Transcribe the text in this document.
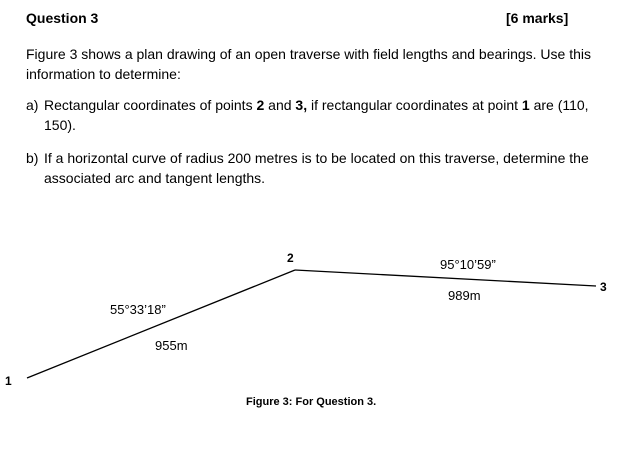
Question 3	[6 marks]
Figure 3 shows a plan drawing of an open traverse with field lengths and bearings. Use this information to determine:
a) Rectangular coordinates of points 2 and 3, if rectangular coordinates at point 1 are (110, 150).
b) If a horizontal curve of radius 200 metres is to be located on this traverse, determine the associated arc and tangent lengths.
1
2
3
55°33’18”
955m
95°10’59”
989m
Figure 3: For Question 3.
